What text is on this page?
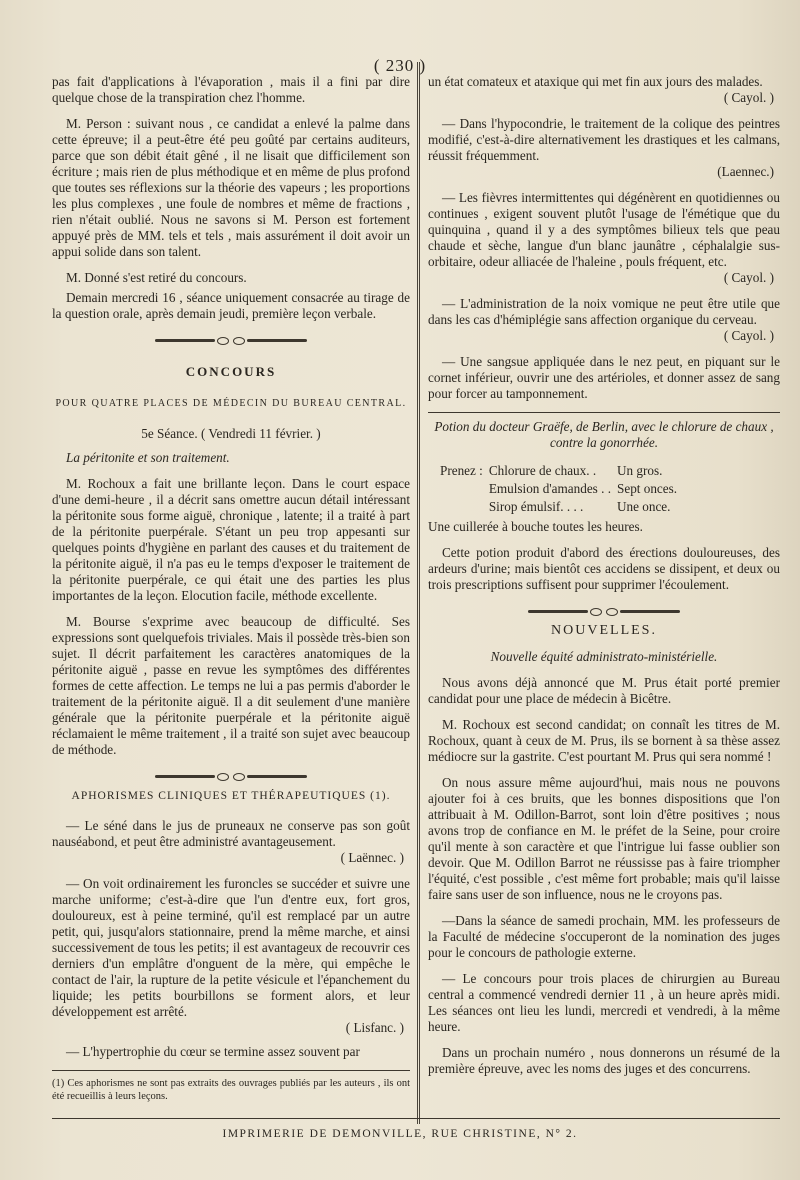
( 230 )

pas fait d'applications à l'évaporation , mais il a fini par dire quelque chose de la transpiration chez l'homme.

M. Person : suivant nous , ce candidat a enlevé la palme dans cette épreuve; il a peut-être été peu goûté par certains auditeurs, parce que son débit était gêné , il ne lisait que difficilement son écriture ; mais rien de plus méthodique et en même de plus profond que toutes ses réflexions sur la théorie des vapeurs ; les proportions les plus complexes , une foule de nombres et même de fractions , rien n'était oublié. Nous ne savons si M. Person est fortement appuyé près de MM. tels et tels , mais assurément il doit avoir un appui solide dans son talent.

M. Donné s'est retiré du concours.

Demain mercredi 16 , séance uniquement consacrée au tirage de la question orale, après demain jeudi, première leçon verbale.

CONCOURS
POUR QUATRE PLACES DE MÉDECIN DU BUREAU CENTRAL.
5e Séance. ( Vendredi 11 février. )

La péritonite et son traitement.

M. Rochoux a fait une brillante leçon. Dans le court espace d'une demi-heure , il a décrit sans omettre aucun détail intéressant la péritonite sous forme aiguë, chronique , latente; il a traité à part de la péritonite puerpérale. S'étant un peu trop appesanti sur quelques points d'hygiène en parlant des causes et du traitement de la péritonite aiguë, il n'a pas eu le temps d'exposer le traitement de la péritonite puerpérale, ce qui était une des parties les plus importantes de la leçon. Elocution facile, méthode excellente.

M. Bourse s'exprime avec beaucoup de difficulté. Ses expressions sont quelquefois triviales. Mais il possède très-bien son sujet. Il décrit parfaitement les caractères anatomiques de la péritonite aiguë , passe en revue les symptômes des différentes formes de cette affection. Le temps ne lui a pas permis d'aborder le traitement de la péritonite aiguë. Il a dit seulement d'une manière générale que la péritonite puerpérale et la péritonite aiguë réclamaient le même traitement , il a traité son sujet avec beaucoup de méthode.

APHORISMES CLINIQUES ET THÉRAPEUTIQUES (1).

— Le séné dans le jus de pruneaux ne conserve pas son goût nauséabond, et peut être administré avantageusement.

( Laënnec. )

— On voit ordinairement les furoncles se succéder et suivre une marche uniforme; c'est-à-dire que l'un d'entre eux, fort gros, douloureux, est à peine terminé, qu'il est remplacé par un autre petit, qui, jusqu'alors stationnaire, prend la même marche, et ainsi successivement de tous les petits; il est avantageux de recouvrir ces derniers d'un emplâtre d'onguent de la mère, qui empêche le contact de l'air, la rupture de la petite vésicule et l'épanchement du liquide; les petits bourbillons se forment alors, et leur développement est arrêté.

( Lisfanc. )

— L'hypertrophie du cœur se termine assez souvent par

(1) Ces aphorismes ne sont pas extraits des ouvrages publiés par les auteurs , ils ont été recueillis à leurs leçons.

un état comateux et ataxique qui met fin aux jours des malades.

( Cayol. )

— Dans l'hypocondrie, le traitement de la colique des peintres modifié, c'est-à-dire alternativement les drastiques et les calmans, réussit fréquemment.

(Laennec.)

— Les fièvres intermittentes qui dégénèrent en quotidiennes ou continues , exigent souvent plutôt l'usage de l'émétique que du quinquina , quand il y a des symptômes bilieux tels que peau chaude et sèche, langue d'un blanc jaunâtre , céphalalgie sus-orbitaire, odeur alliacée de l'haleine , pouls fréquent, etc.

( Cayol. )

— L'administration de la noix vomique ne peut être utile que dans les cas d'hémiplégie sans affection organique du cerveau.

( Cayol. )

— Une sangsue appliquée dans le nez peut, en piquant sur le cornet inférieur, ouvrir une des artérioles, et donner assez de sang pour forcer au tamponnement.

Potion du docteur Graëfe, de Berlin, avec le chlorure de chaux , contre la gonorrhée.
Prenez :	Chlorure de chaux. .	Un gros.
	Emulsion d'amandes . .	Sept onces.
	Sirop émulsif. . . .	Une once.

Une cuillerée à bouche toutes les heures.

Cette potion produit d'abord des érections douloureuses, des ardeurs d'urine; mais bientôt ces accidens se dissipent, et deux ou trois prescriptions suffisent pour supprimer l'écoulement.

NOUVELLES.
Nouvelle équité administrato-ministérielle.

Nous avons déjà annoncé que M. Prus était porté premier candidat pour une place de médecin à Bicêtre.

M. Rochoux est second candidat; on connaît les titres de M. Rochoux, quant à ceux de M. Prus, ils se bornent à sa thèse assez médiocre sur la gastrite. C'est pourtant M. Prus qui sera nommé !

On nous assure même aujourd'hui, mais nous ne pouvons ajouter foi à ces bruits, que les bonnes dispositions que l'on attribuait à M. Odillon-Barrot, sont loin d'être positives ; nous avons trop de confiance en M. le préfet de la Seine, pour croire qu'il mente à son caractère et que l'intrigue lui fasse oublier son devoir. Que M. Odillon Barrot ne réussisse pas à faire triompher l'équité, c'est possible , c'est même fort probable; mais qu'il laisse faire sans user de son influence, nous ne le croyons pas.

—Dans la séance de samedi prochain, MM. les professeurs de la Faculté de médecine s'occuperont de la nomination des juges pour le concours de pathologie externe.

— Le concours pour trois places de chirurgien au Bureau central a commencé vendredi dernier 11 , à un heure après midi. Les séances ont lieu les lundi, mercredi et vendredi, à la même heure.

Dans un prochain numéro , nous donnerons un résumé de la première épreuve, avec les noms des juges et des concurrens.

IMPRIMERIE DE DEMONVILLE, RUE CHRISTINE, N° 2.
